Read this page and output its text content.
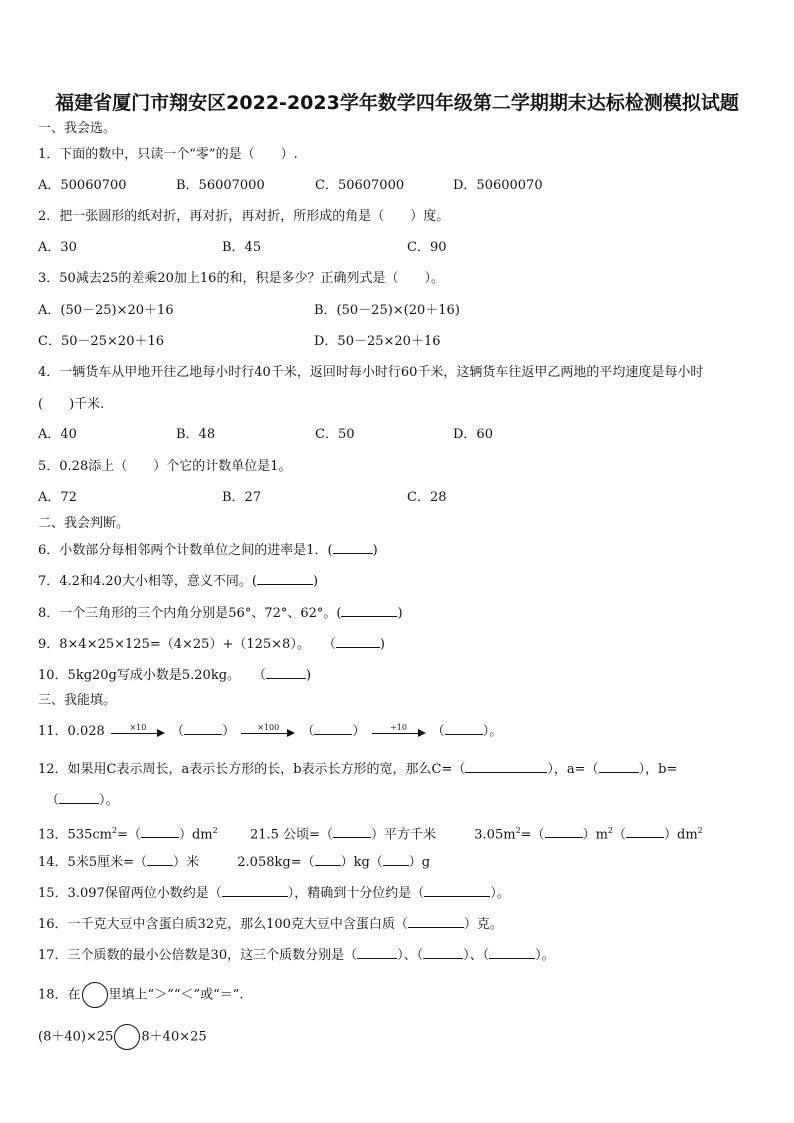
福建省厦门市翔安区2022-2023学年数学四年级第二学期期末达标检测模拟试题
一、我会选。
1．下面的数中，只读一个“零”的是（　　）.
A．50060700	B．56007000	C．50607000	D．50600070
2．把一张圆形的纸对折，再对折，再对折，所形成的角是（　　）度。
A．30	B．45	C．90
3．50减去25的差乘20加上16的和，积是多少？正确列式是（　　）。
A．(50－25)×20＋16	B．(50－25)×(20＋16)
C．50－25×20＋16	D．50－25×20＋16
4．一辆货车从甲地开往乙地每小时行40千米，返回时每小时行60千米，这辆货车往返甲乙两地的平均速度是每小时
(　　)千米.
A．40	B．48	C．50	D．60
5．0.28添上（　　）个它的计数单位是1。
A．72	B．27	C．28
二、我会判断。
6．小数部分每相邻两个计数单位之间的进率是1．(	)
7．4.2和4.20大小相等，意义不同。(	)
8．一个三角形的三个内角分别是56°、72°、62°。(	)
9．8×4×25×125=（4×25）+（125×8）。　　（	)
10．5kg20g写成小数是5.20kg。　　（	)
三、我能填。
11．0.028	×10	（	）	×100	（	）	÷10	（	）。
12．如果用C表示周长，a表示长方形的长，b表示长方形的宽，那么C=（	），a=（	），b=
（	）。
13．$535cm^2=$（	）$dm^2$ 21.5 公顷=（	）平方千米	$3.05m^2=$（	）$m^2$（	）$dm^2$
14．5米5厘米=（ ）米	2.058kg=（ ）kg（ ）g
15．3.097保留两位小数约是（	），精确到十分位约是（	）。
16．一千克大豆中含蛋白质32克，那么100克大豆中含蛋白质（	）克。
17．三个质数的最小公倍数是30，这三个质数分别是（	）、（	）、（	）。
18．在 里填上“＞”“＜”或“＝”.
(8＋40)×25 8＋40×25
